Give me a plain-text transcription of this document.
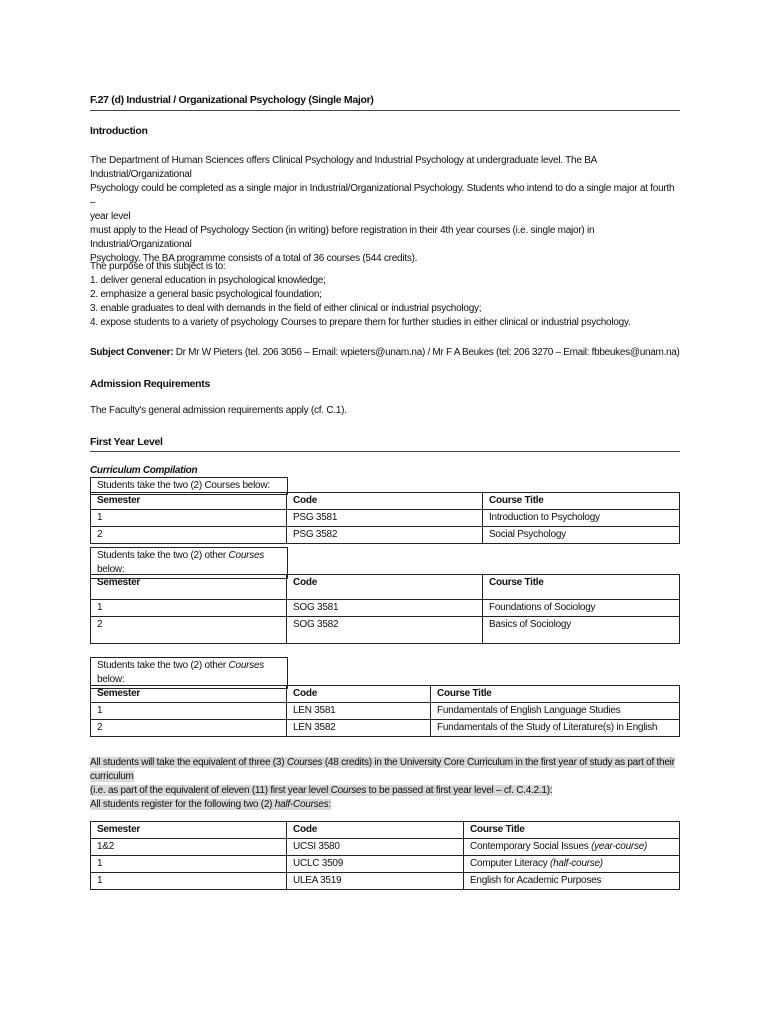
F.27 (d) Industrial / Organizational Psychology (Single Major)
Introduction

The Department of Human Sciences offers Clinical Psychology and Industrial Psychology at undergraduate level. The BA

Industrial/Organizational

Psychology could be completed as a single major in Industrial/Organizational Psychology. Students who intend to do a single major at fourth –

year level

must apply to the Head of Psychology Section (in writing) before registration in their 4th year courses (i.e. single major) in

Industrial/Organizational

Psychology. The BA programme consists of a total of 36 courses (544 credits).

The purpose of this subject is to:

1. deliver general education in psychological knowledge;

2. emphasize a general basic psychological foundation;

3. enable graduates to deal with demands in the field of either clinical or industrial psychology;

4. expose students to a variety of psychology Courses to prepare them for further studies in either clinical or industrial psychology.

Subject Convener: Dr Mr W Pieters (tel. 206 3056 – Email: wpieters@unam.na) / Mr F A Beukes (tel: 206 3270 – Email: fbbeukes@unam.na)
Admission Requirements
The Faculty's general admission requirements apply (cf. C.1).
First Year Level
Curriculum Compilation
Students take the two (2) Courses below:
Semester	Code	Course Title
1	PSG 3581	Introduction to Psychology
2	PSG 3582	Social Psychology
Students take the two (2) other Courses
below:
Semester	Code	Course Title
1	SOG 3581	Foundations of Sociology
2	SOG 3582	Basics of Sociology
Students take the two (2) other Courses
below:
Semester	Code	Course Title
1	LEN 3581	Fundamentals of English Language Studies
2	LEN 3582	Fundamentals of the Study of Literature(s) in English

All students will take the equivalent of three (3) Courses (48 credits) in the University Core Curriculum in the first year of study as part of their

curriculum

(i.e. as part of the equivalent of eleven (11) first year level Courses to be passed at first year level – cf. C.4.2.1):

All students register for the following two (2) half-Courses:

Semester	Code	Course Title
1&2	UCSI 3580	Contemporary Social Issues (year-course)
1	UCLC 3509	Computer Literacy (half-course)
1	ULEA 3519	English for Academic Purposes
